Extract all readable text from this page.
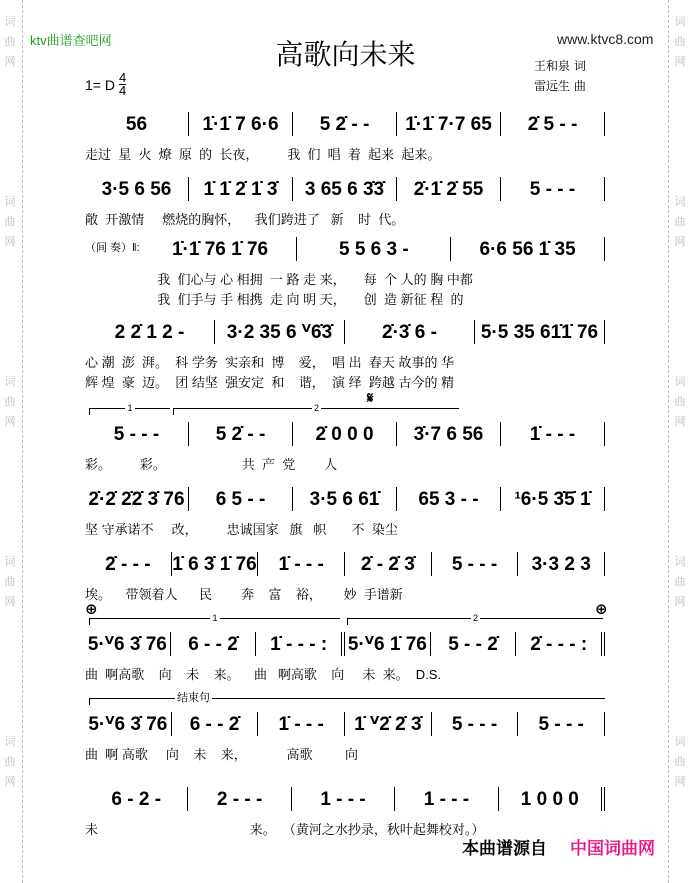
词
曲
网
词
曲
网
词
曲
网
词
曲
网
词
曲
网
词
曲
网
词
曲
网
词
曲
网
词
曲
网
词
曲
网
ktv曲谱查吧网	www.ktvc8.com
高歌向未来	王和泉 词
雷远生 曲
1= D $\frac{4}{4}$
56	1̇·1̇ 7 6·6	5 2̇ - -	1̇·1̇ 7·7 65	2̇ 5 - -
走过  星  火  燎  原  的  长夜，        我  们  唱  着  起来  起来。
3·5 6 56	1̇ 1̇ 2̇ 1̇ 3̇	3 65 6 3̇3̇	2̇·1̇ 2̇ 55	5 - - -
敞  开激情     燃烧的胸怀，    我们跨进了   新    时  代。
（间 奏）‖:	1̇·1̇ 76 1̇ 76	5 5 6 3 -	6·6 56 1̇ 35
我  们心与 心 相拥  一 路 走 来，     每  个 人的 胸 中都
我  们手与 手 相携  走 向 明 天，     创  造 新征 程  的
2 2̇ 1 2 -	3·2 35 6 ⱽ6̇3̇	2̇·3̇ 6 -	5·5 35 61̇1̇ 76
心 潮  澎  湃。  科 学务  实亲和  博    爱，  唱 出  春天 故事的 华
辉 煌  豪  迈。  团 结坚  强安定  和    谐，  演 绎  跨越 古今的 精
5 - - -	5 2̇ - -	2̇ 0 0 0	3̇·7 6 56	1̇ - - -
彩。        彩。                     共  产  党        人
1	2
𝄋
2̇·2̇ 2̇2̇ 3̇ 76	6 5 - -	3·5 6 61̇	65 3 - -	¹6·5 3̇5̇ 1̇
坚 守承诺不     改，        忠诚国家   旗   帜       不  染尘
2̇ - - -	1̇ 6 3̇ 1̇ 76	1̇ - - -	2̇ - 2̇ 3̇	5 - - -	3·3 2 3
埃。    带领着人      民        奔    富    裕，      妙  手谱新
5·ⱽ6 3̇ 76	6 - - 2̇	1̇ - - - :	5·ⱽ6 1̇ 76	5 - - 2̇	2̇ - - - :
曲  啊高歌    向    未    来。    曲   啊高歌    向     未  来。  D.S.
1	2
⊕	⊕
5·ⱽ6 3̇ 76	6 - - 2̇	1̇ - - -	1̇ ⱽ2̇ 2̇ 3̇	5 - - -	5 - - -
曲  啊 高歌     向    未    来，           高歌         向
结束句
6 - 2 -	2 - - -	1 - - -	1 - - -	1 0 0 0
未                                          来。  （黄河之水抄录，秋叶起舞校对。）
本曲谱源自 中国词曲网
